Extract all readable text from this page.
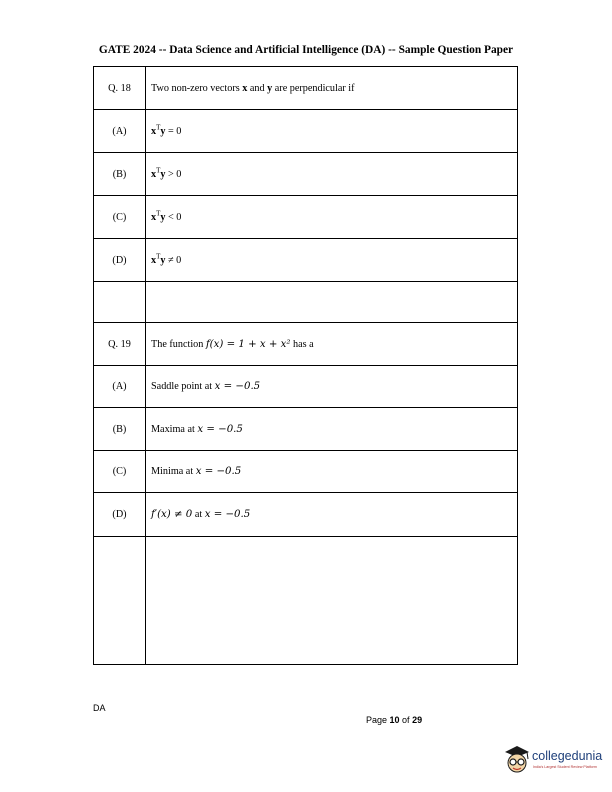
GATE 2024 -- Data Science and Artificial Intelligence (DA) -- Sample Question Paper
Q. 18	Two non-zero vectors x and y are perpendicular if
(A)	$x^Ty = 0$
(B)	$x^Ty > 0$
(C)	$x^Ty < 0$
(D)	$x^Ty \ne 0$

Q. 19	The function f(x) = 1 + x + x² has a
(A)	Saddle point at x = −0.5
(B)	Maxima at x = −0.5
(C)	Minima at x = −0.5
(D)	f′(x) ≠ 0 at x = −0.5

DA
Page 10 of 29
collegedunia
India's Largest Student Review Platform
